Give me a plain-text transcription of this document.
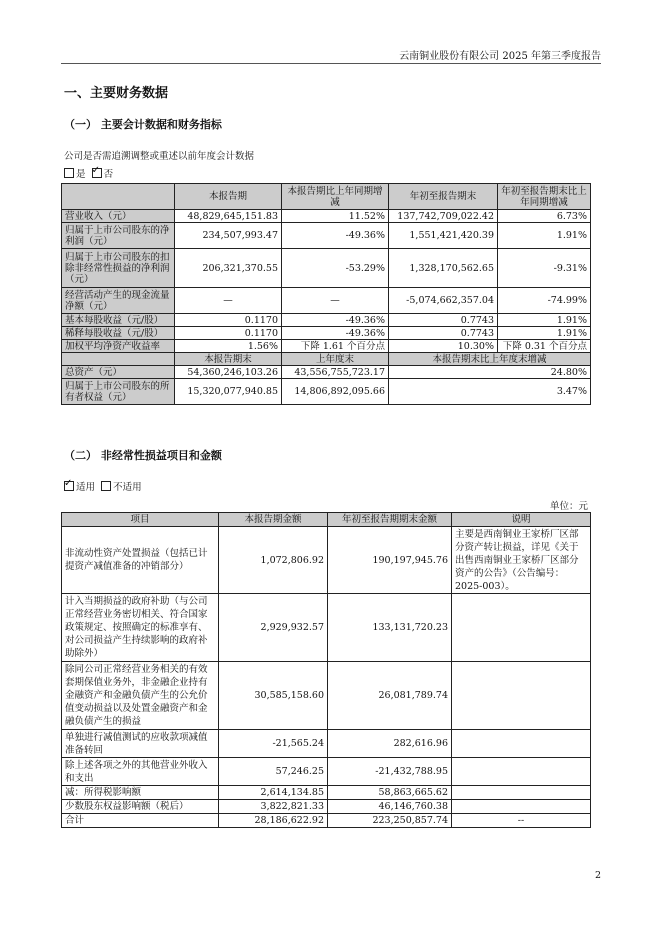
云南铜业股份有限公司 2025 年第三季度报告
一、主要财务数据
（一） 主要会计数据和财务指标
公司是否需追溯调整或重述以前年度会计数据
是 ✓ 否
	本报告期	本报告期比上年同期增减	年初至报告期末	年初至报告期末比上年同期增减
营业收入（元）	48,829,645,151.83	11.52%	137,742,709,022.42	6.73%
归属于上市公司股东的净利润（元）	234,507,993.47	-49.36%	1,551,421,420.39	1.91%
归属于上市公司股东的扣除非经常性损益的净利润（元）	206,321,370.55	-53.29%	1,328,170,562.65	-9.31%
经营活动产生的现金流量净额（元）	—	—	-5,074,662,357.04	-74.99%
基本每股收益（元/股）	0.1170	-49.36%	0.7743	1.91%
稀释每股收益（元/股）	0.1170	-49.36%	0.7743	1.91%
加权平均净资产收益率	1.56%	下降 1.61 个百分点	10.30%	下降 0.31 个百分点
	本报告期末	上年度末	本报告期末比上年度末增减	
总资产（元）	54,360,246,103.26	43,556,755,723.17	24.80%	
归属于上市公司股东的所有者权益（元）	15,320,077,940.85	14,806,892,095.66	3.47%	
（二） 非经常性损益项目和金额
✓适用 不适用
单位：元
项目	本报告期金额	年初至报告期期末金额	说明
非流动性资产处置损益（包括已计提资产减值准备的冲销部分）	1,072,806.92	190,197,945.76	主要是西南铜业王家桥厂区部分资产转让损益，详见《关于出售西南铜业王家桥厂区部分资产的公告》（公告编号：2025-003）。
计入当期损益的政府补助（与公司正常经营业务密切相关、符合国家政策规定、按照确定的标准享有、对公司损益产生持续影响的政府补助除外）	2,929,932.57	133,131,720.23	
除同公司正常经营业务相关的有效套期保值业务外，非金融企业持有金融资产和金融负债产生的公允价值变动损益以及处置金融资产和金融负债产生的损益	30,585,158.60	26,081,789.74	
单独进行减值测试的应收款项减值准备转回	-21,565.24	282,616.96	
除上述各项之外的其他营业外收入和支出	57,246.25	-21,432,788.95	
减：所得税影响额	2,614,134.85	58,863,665.62	
少数股东权益影响额（税后）	3,822,821.33	46,146,760.38	
合计	28,186,622.92	223,250,857.74	--
2
